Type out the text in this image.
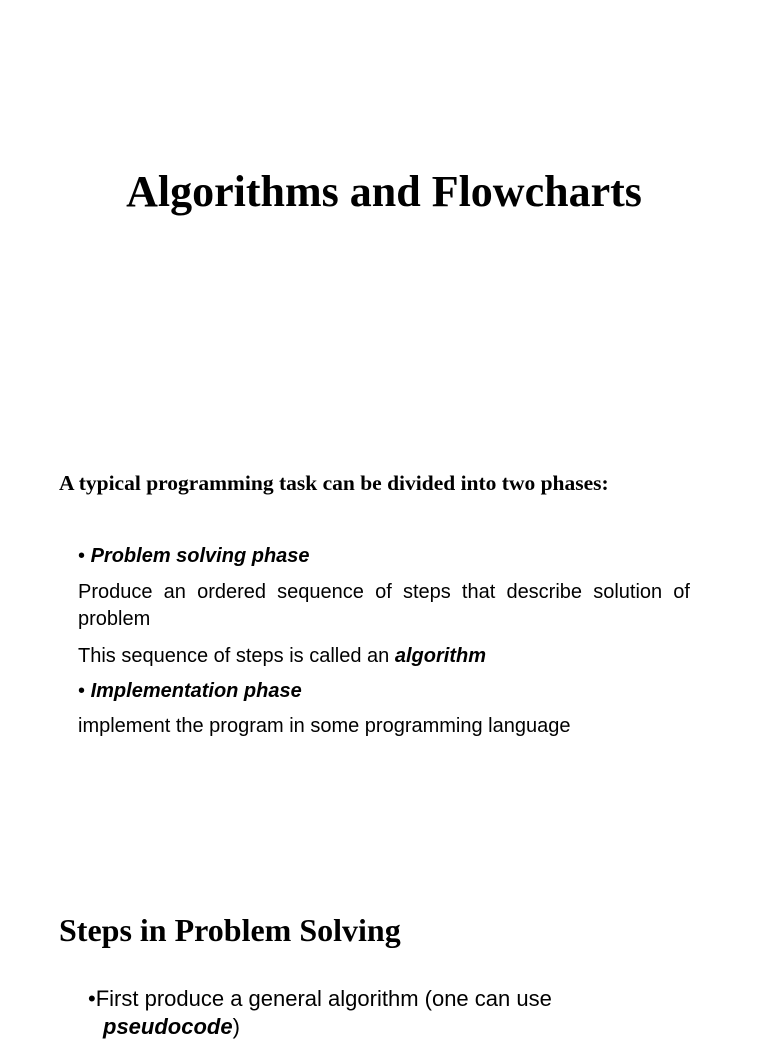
Algorithms and Flowcharts

A typical programming task can be divided into two phases:

• Problem solving phase

Produce an ordered sequence of steps that describe solution of problem

This sequence of steps is called an algorithm

• Implementation phase

implement the program in some programming language

Steps in Problem Solving

•First produce a general algorithm (one can use

pseudocode)
